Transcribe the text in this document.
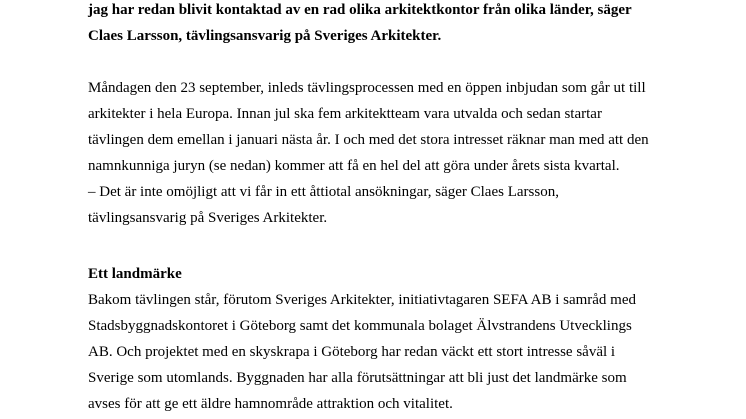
jag har redan blivit kontaktad av en rad olika arkitektkontor från olika länder, säger

Claes Larsson, tävlingsansvarig på Sveriges Arkitekter.

Måndagen den 23 september, inleds tävlingsprocessen med en öppen inbjudan som går ut till

arkitekter i hela Europa. Innan jul ska fem arkitektteam vara utvalda och sedan startar

tävlingen dem emellan i januari nästa år. I och med det stora intresset räknar man med att den

namnkunniga juryn (se nedan) kommer att få en hel del att göra under årets sista kvartal.

– Det är inte omöjligt att vi får in ett åttiotal ansökningar, säger Claes Larsson,

tävlingsansvarig på Sveriges Arkitekter.

Ett landmärke

Bakom tävlingen står, förutom Sveriges Arkitekter, initiativtagaren SEFA AB i samråd med

Stadsbyggnadskontoret i Göteborg samt det kommunala bolaget Älvstrandens Utvecklings

AB. Och projektet med en skyskrapa i Göteborg har redan väckt ett stort intresse såväl i

Sverige som utomlands. Byggnaden har alla förutsättningar att bli just det landmärke som

avses för att ge ett äldre hamnområde attraktion och vitalitet.
